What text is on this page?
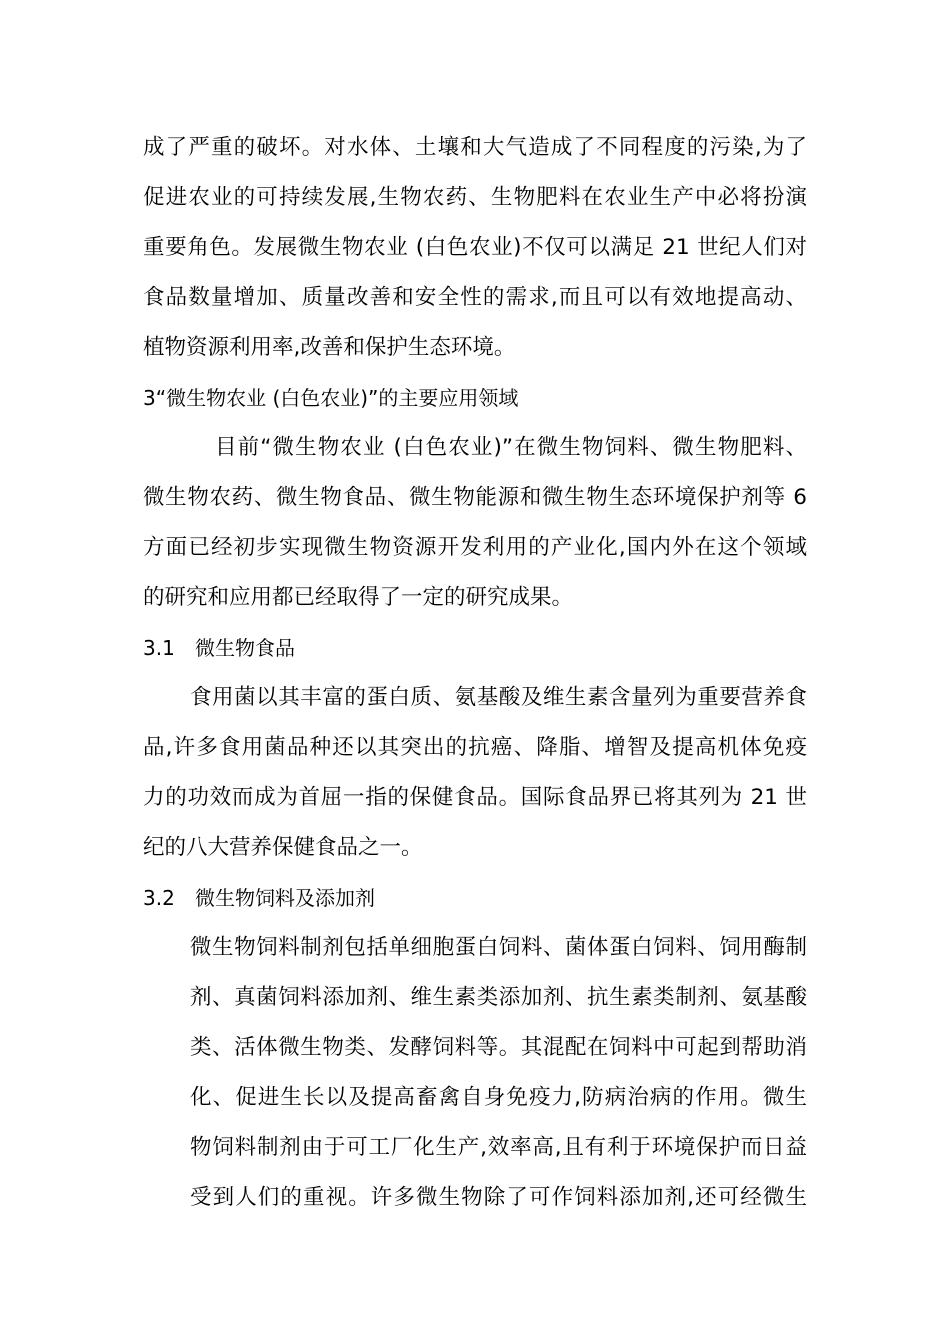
成了严重的破坏。对水体、土壤和大气造成了不同程度的污染,为了
促进农业的可持续发展,生物农药、生物肥料在农业生产中必将扮演
重要角色。发展微生物农业 (白色农业)不仅可以满足 21 世纪人们对
食品数量增加、质量改善和安全性的需求,而且可以有效地提高动、
植物资源利用率,改善和保护生态环境。
3“微生物农业 (白色农业)”的主要应用领域
目前“微生物农业 (白色农业)”在微生物饲料、微生物肥料、
微生物农药、微生物食品、微生物能源和微生物生态环境保护剂等 6
方面已经初步实现微生物资源开发利用的产业化,国内外在这个领域
的研究和应用都已经取得了一定的研究成果。
3.1 微生物食品
食用菌以其丰富的蛋白质、氨基酸及维生素含量列为重要营养食
品,许多食用菌品种还以其突出的抗癌、降脂、增智及提高机体免疫
力的功效而成为首屈一指的保健食品。国际食品界已将其列为 21 世
纪的八大营养保健食品之一。
3.2 微生物饲料及添加剂
微生物饲料制剂包括单细胞蛋白饲料、菌体蛋白饲料、饲用酶制
剂、真菌饲料添加剂、维生素类添加剂、抗生素类制剂、氨基酸
类、活体微生物类、发酵饲料等。其混配在饲料中可起到帮助消
化、促进生长以及提高畜禽自身免疫力,防病治病的作用。微生
物饲料制剂由于可工厂化生产,效率高,且有利于环境保护而日益
受到人们的重视。许多微生物除了可作饲料添加剂,还可经微生
